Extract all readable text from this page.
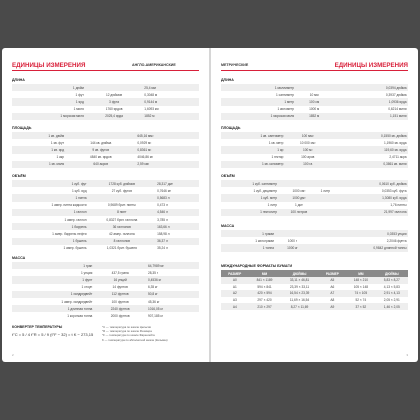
ЕДИНИЦЫ ИЗМЕРЕНИЯ	АНГЛО-АМЕРИКАНСКИЕ
ДЛИНА
1 дюйм		25,4 мм	
1 фут	12 дюймов	0,3048 м	
1 ярд	3 фута	0,9144 м	
1 миля	1760 ярдов	1,6093 км	
1 морская миля	2025,4 ярда	1852 м	
ПЛОЩАДЬ
1 кв. дюйм		645,16 мм²	
1 кв. фут	144 кв. дюйма	0,0929 м²	
1 кв. ярд	9 кв. футов	0,8361 м²	
1 акр	4840 кв. ярдов	4046,86 м²	
1 кв. миля	640 акров	2,59 км²	
ОБЪЁМ
1 куб. фут	1728 куб. дюймов	28,317 дм³	
1 куб. ярд	27 куб. футов	0,7646 м³	
1 пинта		0,5683 л	
1 амер. пинта жидкости	0,9689 брит. пинты	0,473 л	
1 галлон	8 пинт	4,546 л	
1 амер. галлон	0,8327 брит. галлона	3,785 л	
1 баррель	36 галлонов	163,66 л	
1 амер. баррель нефти	42 амер. галлона	158,98 л	
1 бушель	8 галлонов	36,37 л	
1 амер. бушель	1,0321 брит. бушеля	35,24 л	
МАССА
1 гран		64,7989 мг	
1 унция	437,5 грана	28,35 г	
1 фунт	16 унций	0,4536 кг	
1 стоун	14 фунтов	6,35 кг	
1 хандредвейт	112 фунтов	50,8 кг	
1 амер. хандредвейт	100 фунтов	45,36 кг	
1 длинная тонна	2240 фунтов	1016,05 кг	
1 короткая тонна	2000 фунтов	907,185 кг	
КОНВЕРТЕР ТЕМПЕРАТУРЫ
t°C = 5 / 4 t°R = 5 / 9 (t°F − 32) = t K − 273,15
°C — температура по шкале Цельсия
°R — температура по шкале Реомюра
°F — температура по шкале Фаренгейта
K — температура по абсолютной шкале (Кельвин)
2
МЕТРИЧЕСКИЕ	ЕДИНИЦЫ ИЗМЕРЕНИЯ
ДЛИНА
1 миллиметр			0,0394 дюйма
1 сантиметр	10 мм		0,3937 дюйма
1 метр	100 см		1,0936 ярда
1 километр	1000 м		0,6214 мили
1 морская миля	1852 м		1,151 мили
ПЛОЩАДЬ
1 кв. сантиметр	100 мм²		0,1550 кв. дюйма
1 кв. метр	10 000 см²		1,1960 кв. ярда
1 ар	100 м²		119,60 кв. ярда
1 гектар	100 аров		2,4711 акра
1 кв. километр	100 га		0,3861 кв. мили
ОБЪЁМ
1 куб. сантиметр			0,0610 куб. дюйма
1 куб. дециметр	1000 см³	1 литр	0,0353 куб. фута
1 куб. метр	1000 дм³		1,3080 куб. ярда
1 литр	1 дм³		1,76 пинты
1 гектолитр	100 литров		21,997 галлона
МАССА
1 грамм			0,0353 унции
1 килограмм	1000 г		2,2046 фунта
1 тонна	1000 кг		0,9842 длинной тонны
МЕЖДУНАРОДНЫЕ ФОРМАТЫ БУМАГИ
РАЗМЕР	ММ	ДЮЙМЫ	РАЗМЕР	ММ	ДЮЙМЫ
А0	841 × 1189	33,11 × 46,81	А5	148 × 210	5,83 × 8,27
А1	594 × 841	23,39 × 33,11	А6	105 × 148	4,13 × 5,83
А2	420 × 594	16,54 × 23,39	А7	74 × 105	2,91 × 4,13
А3	297 × 420	11,69 × 16,54	А8	52 × 74	2,05 × 2,91
А4	210 × 297	8,27 × 11,69	А9	37 × 52	1,46 × 2,05
3
